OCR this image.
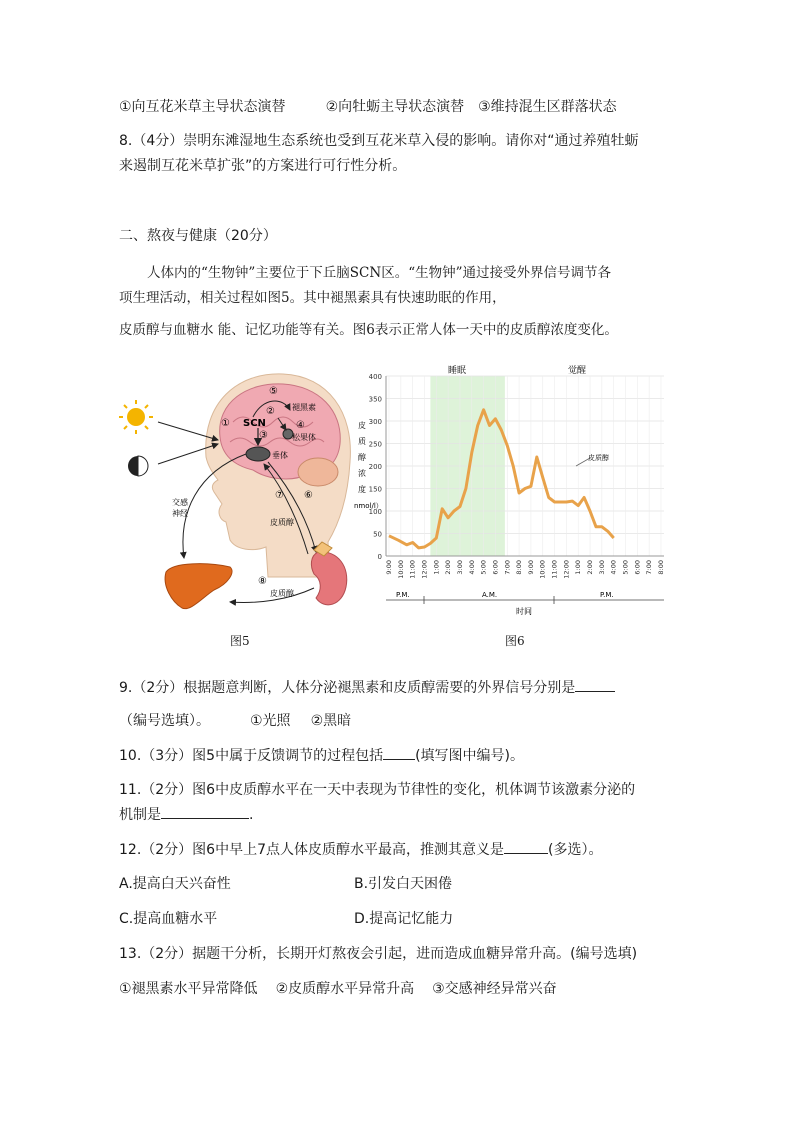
①向互花米草主导状态演替	②向牡蛎主导状态演替 ③维持混生区群落状态
8.（4分）崇明东滩湿地生态系统也受到互花米草入侵的影响。请你对“通过养殖牡蛎
来遏制互花米草扩张”的方案进行可行性分析。
二、熬夜与健康（20分）
人体内的“生物钟”主要位于下丘脑SCN区。“生物钟”通过接受外界信号调节各
项生理活动，相关过程如图5。其中褪黑素具有快速助眠的作用，
皮质醇与血糖水 能、记忆功能等有关。图6表示正常人体一天中的皮质醇浓度变化。
SCN
褪黑素
松果体
垂体
⑤
②
④
③
①
⑦ ⑥
皮质醇
交感
神经
⑧
皮质醇
图5
0
50
100
150
200
250
300
350
400
9:00 10:00 11:00 12:00 1:00 2:00 3:00 4:00 5:00 6:00 7:00 8:00 9:00 10:00 11:00 12:00 1:00 2:00 3:00 4:00 5:00 6:00 7:00 8:00
睡眠	觉醒
皮
质
醇
浓
度
nmol/l）
皮质醇
P.M.	A.M.	P.M.
时间
图6
9.（2分）根据题意判断，人体分泌褪黑素和皮质醇需要的外界信号分别是
（编号选填）。	①光照 ②黑暗
10.（3分）图5中属于反馈调节的过程包括 (填写图中编号)。
11.（2分）图6中皮质醇水平在一天中表现为节律性的变化，机体调节该激素分泌的
机制是	.
12.（2分）图6中早上7点人体皮质醇水平最高，推测其意义是	(多选）。
A.提高白天兴奋性	B.引发白天困倦
C.提高血糖水平	D.提高记忆能力
13.（2分）据题干分析，长期开灯熬夜会引起，进而造成血糖异常升高。(编号选填)
①褪黑素水平异常降低 ②皮质醇水平异常升高 ③交感神经异常兴奋
